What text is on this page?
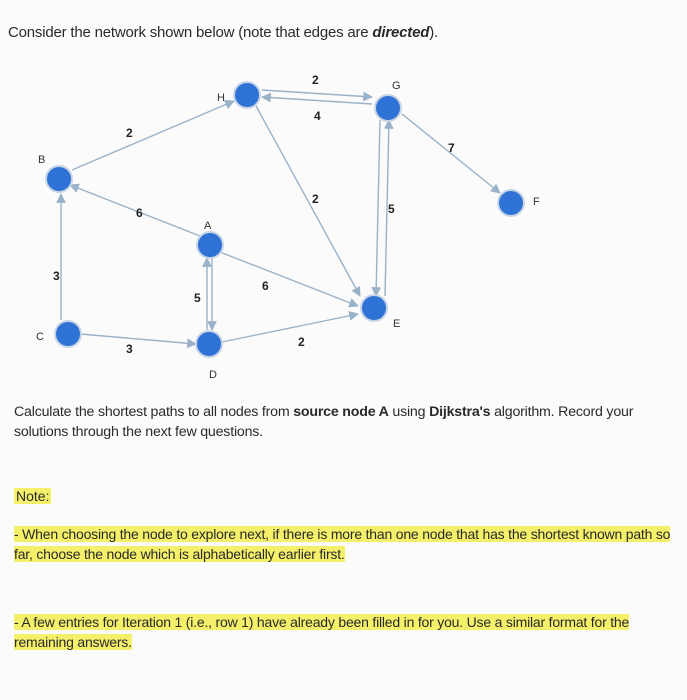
Consider the network shown below (note that edges are directed).
B
C
H
A
D
G
E
F
2
6
3
3
5
2
4
2
6
2
5
7
Calculate the shortest paths to all nodes from source node A using Dijkstra's algorithm. Record your solutions through the next few questions.
Note:
- When choosing the node to explore next, if there is more than one node that has the shortest known path so far, choose the node which is alphabetically earlier first.
- A few entries for Iteration 1 (i.e., row 1) have already been filled in for you. Use a similar format for the remaining answers.
